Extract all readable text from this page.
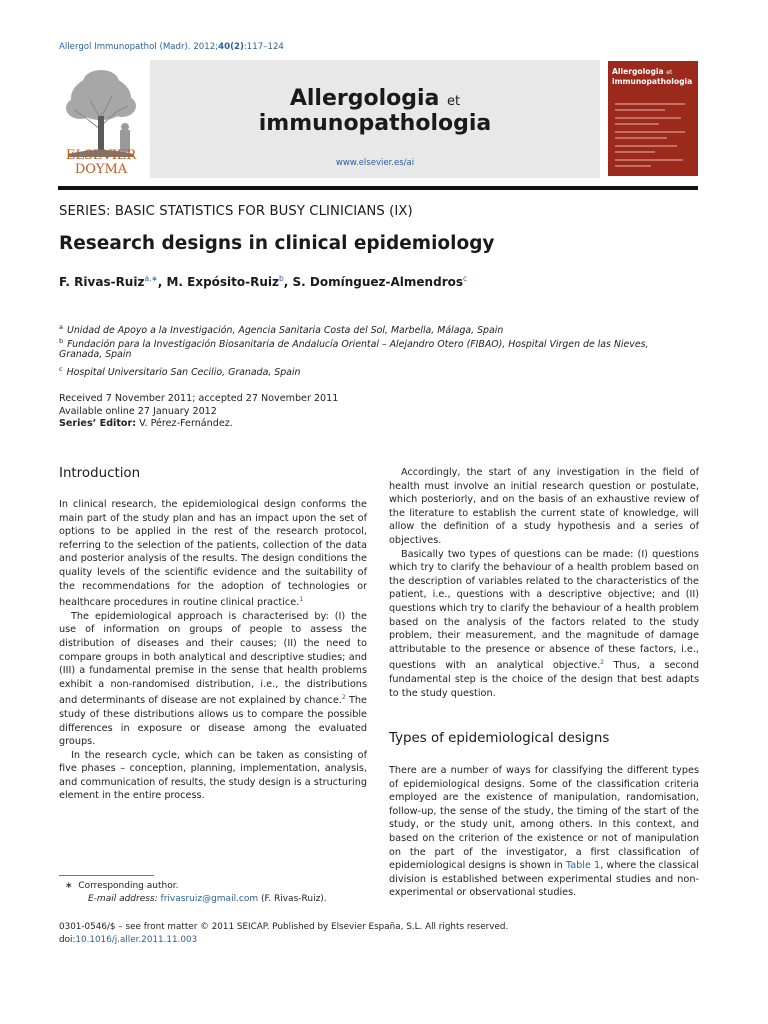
Allergol Immunopathol (Madr). 2012;40(2):117–124
ELSEVIER
DOYMA
Allergologia et
immunopathologia
www.elsevier.es/ai
Allergologia et
immunopathologia
SERIES: BASIC STATISTICS FOR BUSY CLINICIANS (IX)
Research designs in clinical epidemiology
F. Rivas-Ruiz$^{a,∗}$, M. Expósito-Ruiz$^b$, S. Domínguez-Almendros$^c$
$^a$ Unidad de Apoyo a la Investigación, Agencia Sanitaria Costa del Sol, Marbella, Málaga, Spain
$^b$ Fundación para la Investigación Biosanitaria de Andalucía Oriental – Alejandro Otero (FIBAO), Hospital Virgen de las Nieves,
Granada, Spain
$^c$ Hospital Universitario San Cecilio, Granada, Spain
Received 7 November 2011; accepted 27 November 2011
Available online 27 January 2012
Series’ Editor: V. Pérez-Fernández.
Introduction

In clinical research, the epidemiological design conforms the main part of the study plan and has an impact upon the set of options to be applied in the rest of the research protocol, referring to the selection of the patients, collection of the data and posterior analysis of the results. The design conditions the quality levels of the scientific evidence and the suitability of the recommendations for the adoption of technologies or healthcare procedures in routine clinical practice.$^1$

The epidemiological approach is characterised by: (I) the use of information on groups of people to assess the distribution of diseases and their causes; (II) the need to compare groups in both analytical and descriptive studies; and (III) a fundamental premise in the sense that health problems exhibit a non-randomised distribution, i.e., the distributions and determinants of disease are not explained by chance.$^2$ The study of these distributions allows us to compare the possible differences in exposure or disease among the evaluated groups.

In the research cycle, which can be taken as consisting of five phases – conception, planning, implementation, analysis, and communication of results, the study design is a structuring element in the entire process.

Accordingly, the start of any investigation in the field of health must involve an initial research question or postulate, which posteriorly, and on the basis of an exhaustive review of the literature to establish the current state of knowledge, will allow the definition of a study hypothesis and a series of objectives.

Basically two types of questions can be made: (I) questions which try to clarify the behaviour of a health problem based on the description of variables related to the characteristics of the patient, i.e., questions with a descriptive objective; and (II) questions which try to clarify the behaviour of a health problem based on the analysis of the factors related to the study problem, their measurement, and the magnitude of damage attributable to the presence or absence of these factors, i.e., questions with an analytical objective.$^2$ Thus, a second fundamental step is the choice of the design that best adapts to the study question.

Types of epidemiological designs

There are a number of ways for classifying the different types of epidemiological designs. Some of the classification criteria employed are the existence of manipulation, randomisation, follow-up, the sense of the study, the timing of the start of the study, or the study unit, among others. In this context, and based on the criterion of the existence or not of manipulation on the part of the investigator, a first classification of epidemiological designs is shown in Table 1, where the classical division is established between experimental studies and non-experimental or observational studies.

∗ Corresponding author.
E-mail address: frivasruiz@gmail.com (F. Rivas-Ruiz).
0301-0546/$ – see front matter © 2011 SEICAP. Published by Elsevier España, S.L. All rights reserved.
doi:10.1016/j.aller.2011.11.003
